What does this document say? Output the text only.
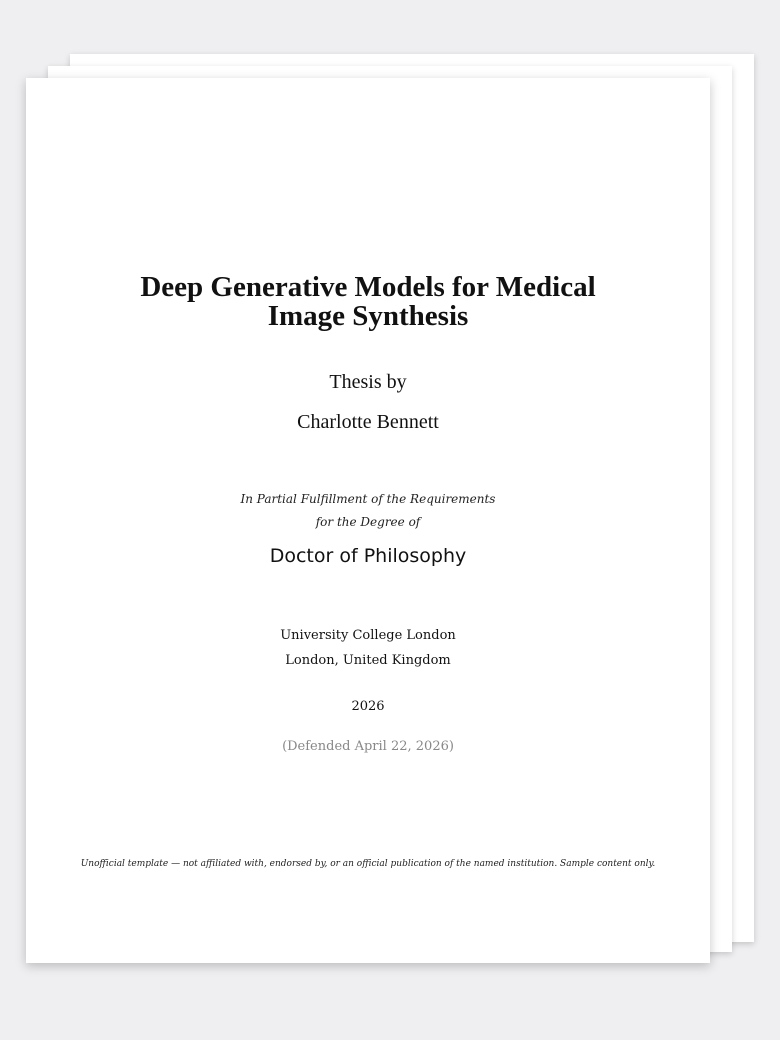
Deep Generative Models for Medical
Image Synthesis
Thesis by
Charlotte Bennett
In Partial Fulfillment of the Requirements
for the Degree of
Doctor of Philosophy
University College London
London, United Kingdom
2026
(Defended April 22, 2026)
Unofficial template — not affiliated with, endorsed by, or an official publication of the named institution. Sample content only.
